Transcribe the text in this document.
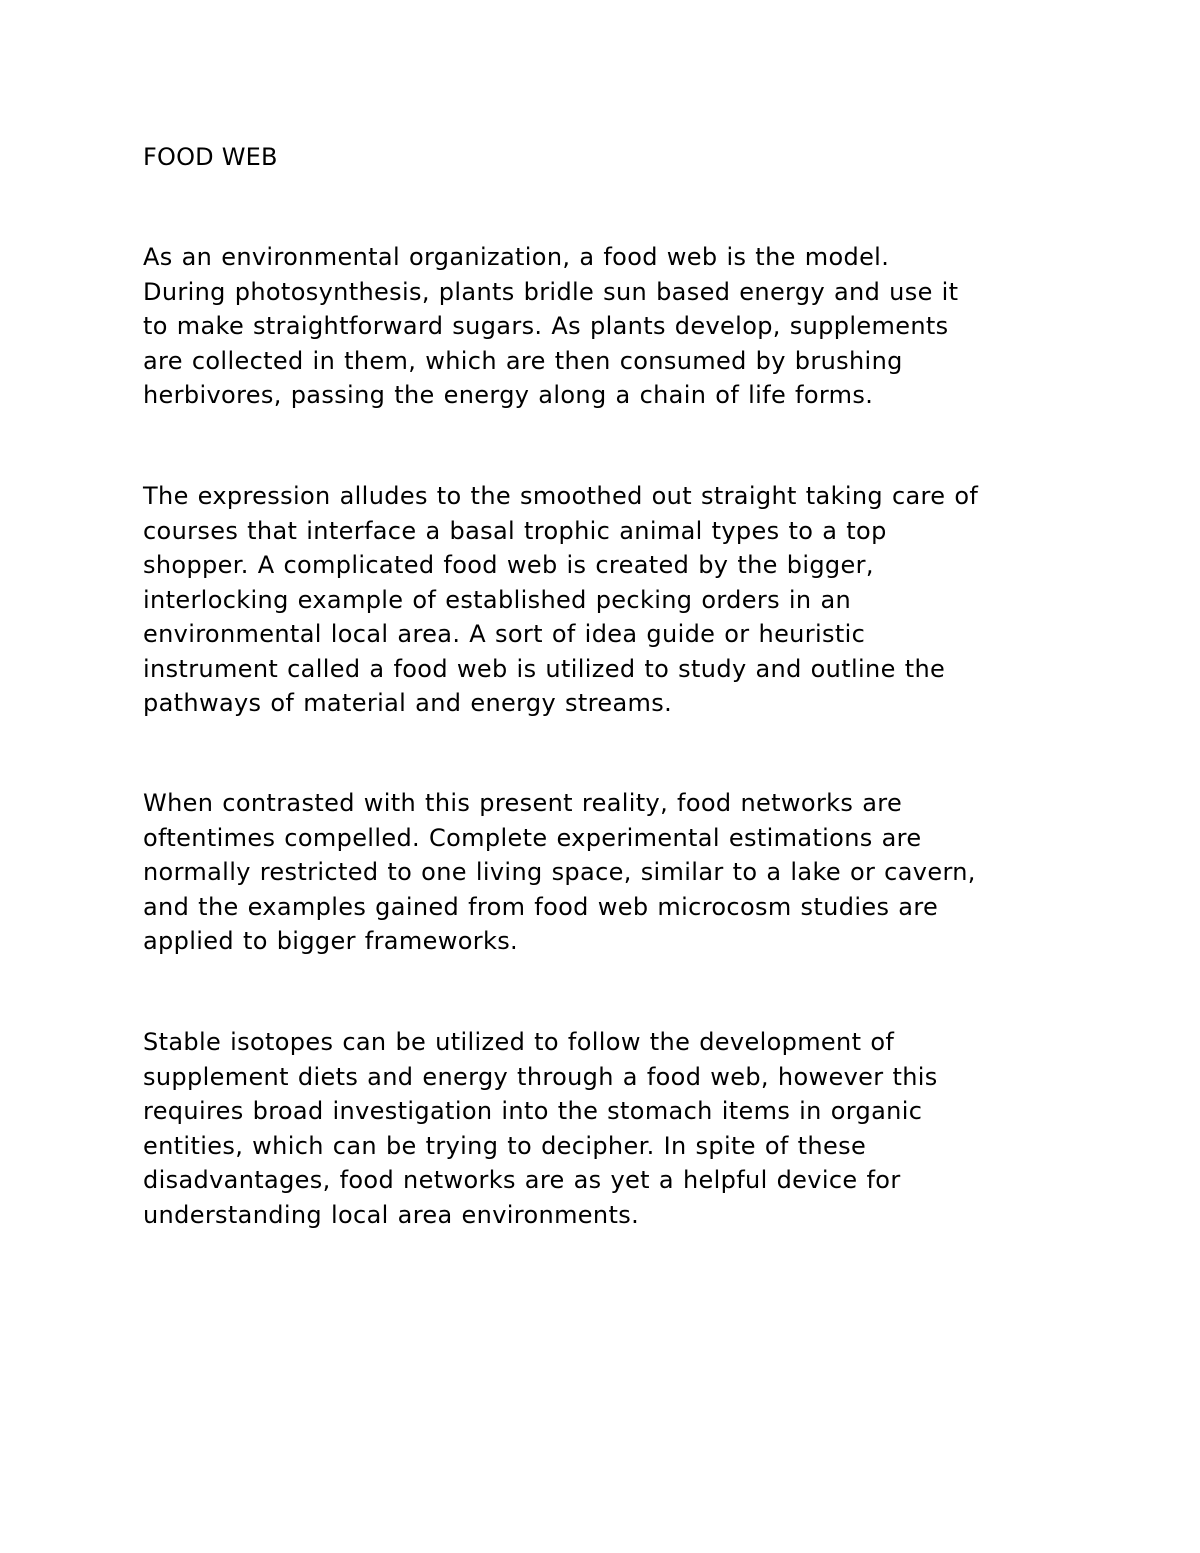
FOOD WEB

As an environmental organization, a food web is the model.
During photosynthesis, plants bridle sun based energy and use it
to make straightforward sugars. As plants develop, supplements
are collected in them, which are then consumed by brushing
herbivores, passing the energy along a chain of life forms.

The expression alludes to the smoothed out straight taking care of
courses that interface a basal trophic animal types to a top
shopper. A complicated food web is created by the bigger,
interlocking example of established pecking orders in an
environmental local area. A sort of idea guide or heuristic
instrument called a food web is utilized to study and outline the
pathways of material and energy streams.

When contrasted with this present reality, food networks are
oftentimes compelled. Complete experimental estimations are
normally restricted to one living space, similar to a lake or cavern,
and the examples gained from food web microcosm studies are
applied to bigger frameworks.

Stable isotopes can be utilized to follow the development of
supplement diets and energy through a food web, however this
requires broad investigation into the stomach items in organic
entities, which can be trying to decipher. In spite of these
disadvantages, food networks are as yet a helpful device for
understanding local area environments.
